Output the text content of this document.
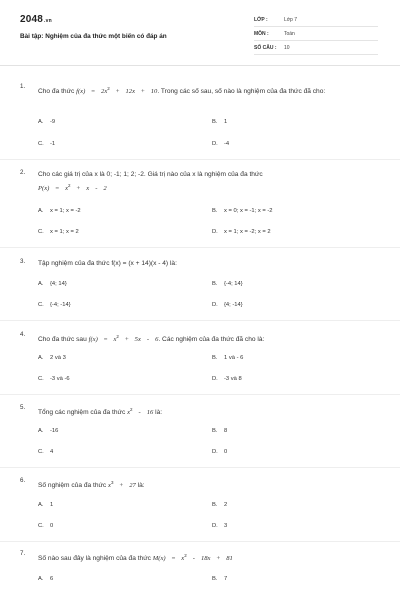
2048.vn
Bài tập: Nghiệm của đa thức một biến có đáp án
LỚP :	Lớp 7
MÔN :	Toán
SỐ CÂU : 10
1.
Cho đa thức $f(x) = 2x^2 + 12x + 10$. Trong các số sau, số nào là nghiệm của đa thức đã cho:
A. -9	B. 1
C. -1	D. -4
2. Cho các giá trị của x là 0; -1; 1; 2; -2. Giá trị nào của x là nghiệm của đa thức
$P(x) = x^2 + x - 2$
A. x = 1; x = -2	B. x = 0; x = -1; x = -2
C. x = 1; x = 2	D. x = 1; x = -2; x = 2
3. Tập nghiệm của đa thức f(x) = (x + 14)(x - 4) là:
A. {4; 14}	B. {-4; 14}
C. {-4; -14}	D. {4; -14}
4.
Cho đa thức sau $f(x) = x^2 + 5x - 6$. Các nghiệm của đa thức đã cho là:
A. 2 và 3	B. 1 và - 6
C. -3 và -6	D. -3 và 8
5.
Tổng các nghiệm của đa thức $x^2 - 16$ là:
A. -16	B. 8
C. 4	D. 0
6.
Số nghiệm của đa thức $x^3 + 27$ là:
A. 1	B. 2
C. 0	D. 3
7.
Số nào sau đây là nghiệm của đa thức $M(x) = x^2 - 18x + 81$
A. 6	B. 7
